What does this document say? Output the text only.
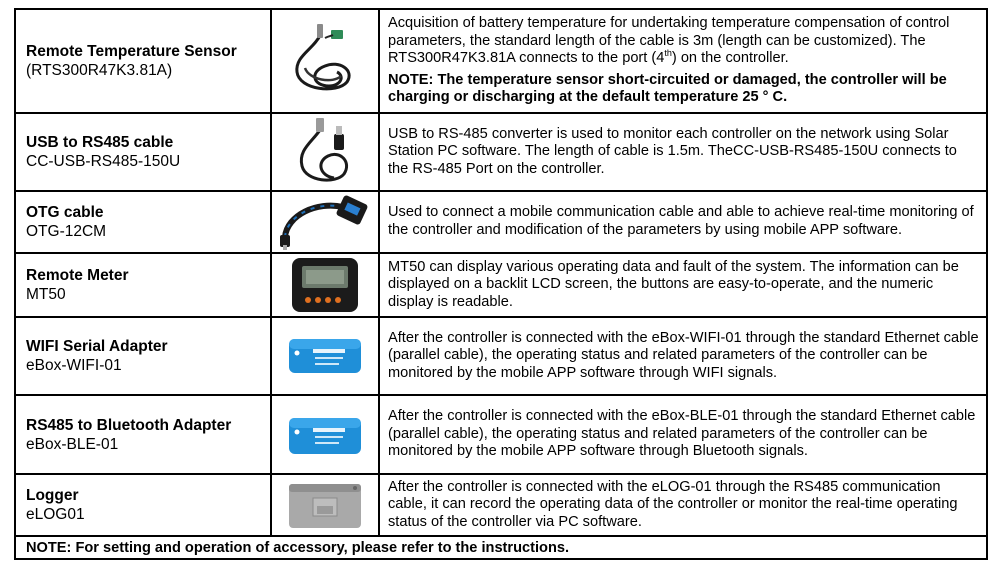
Remote Temperature Sensor
(RTS300R47K3.81A)		Acquisition of battery temperature for undertaking temperature compensation of control parameters, the standard length of the cable is 3m (length can be customized). The RTS300R47K3.81A connects to the port (4th) on the controller.
NOTE: The temperature sensor short-circuited or damaged, the controller will be charging or discharging at the default temperature 25 ° C.

USB to RS485 cable
CC-USB-RS485-150U		USB to RS-485 converter is used to monitor each controller on the network using Solar Station PC software. The length of cable is 1.5m. TheCC-USB-RS485-150U connects to the RS-485 Port on the controller.

OTG cable
OTG-12CM		Used to connect a mobile communication cable and able to achieve real-time monitoring of the controller and modification of the parameters by using mobile APP software.

Remote Meter
MT50		MT50 can display various operating data and fault of the system. The information can be displayed on a backlit LCD screen, the buttons are easy-to-operate, and the numeric display is readable.

WIFI Serial Adapter
eBox-WIFI-01		After the controller is connected with the eBox-WIFI-01 through the standard Ethernet cable (parallel cable), the operating status and related parameters of the controller can be monitored by the mobile APP software through WIFI signals.

RS485 to Bluetooth Adapter
eBox-BLE-01		After the controller is connected with the eBox-BLE-01 through the standard Ethernet cable (parallel cable), the operating status and related parameters of the controller can be monitored by the mobile APP software through Bluetooth signals.

Logger
eLOG01		After the controller is connected with the eLOG-01 through the RS485 communication cable, it can record the operating data of the controller or monitor the real-time operating status of the controller via PC software.
NOTE: For setting and operation of accessory, please refer to the instructions.		
